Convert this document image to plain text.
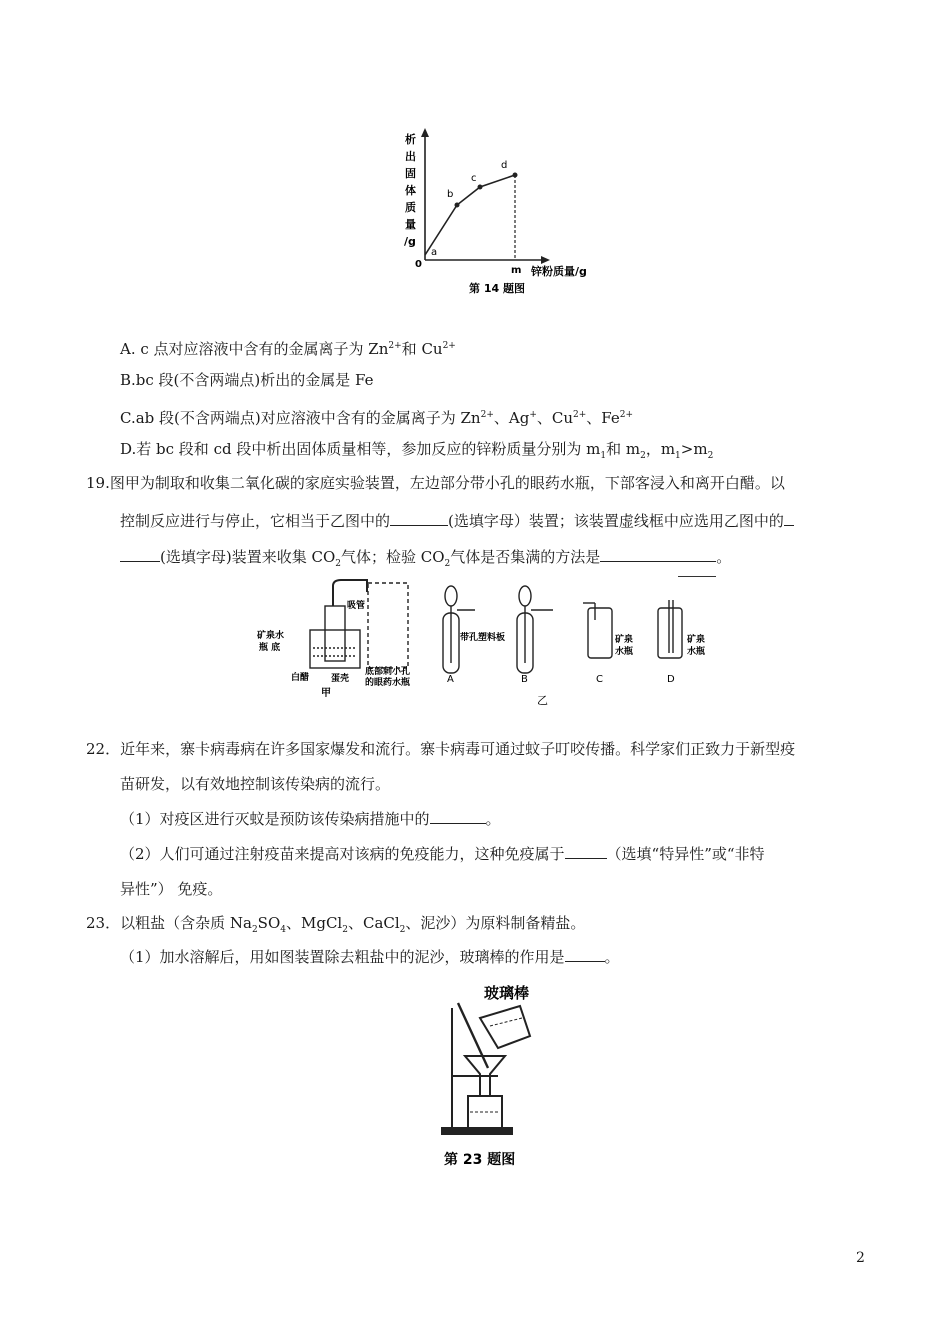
析
出
固
体
质
量
/g
a
b
c
d
0
m 锌粉质量/g
第 14 题图
A. c 点对应溶液中含有的金属离子为 $Zn^{2+}$和 $Cu^{2+}$
B.bc 段(不含两端点)析出的金属是 Fe
C.ab 段(不含两端点)对应溶液中含有的金属离子为 $Zn^{2+}$、Ag+、$Cu^{2+}$、$Fe^{2+}$
D.若 bc 段和 cd 段中析出固体质量相等，参加反应的锌粉质量分别为 $m_1$和 $m_2$，$m_1>m_2$
19.图甲为制取和收集二氧化碳的家庭实验装置，左边部分带小孔的眼药水瓶，下部客浸入和离开白醋。以
控制反应进行与停止，它相当于乙图中的	(选填字母）装置；该装置虚线框中应选用乙图中的
(选填字母)装置来收集 $CO_2$气体；检验 $CO_2$气体是否集满的方法是	。
吸管
矿泉水
瓶 底
白醋 蛋壳
底部刺小孔
的眼药水瓶
甲
带孔塑料板	矿泉
水瓶
矿泉
水瓶
A	B	C	D
乙
22．近年来，寨卡病毒病在许多国家爆发和流行。寨卡病毒可通过蚊子叮咬传播。科学家们正致力于新型疫
苗研发，以有效地控制该传染病的流行。
（1）对疫区进行灭蚊是预防该传染病措施中的	。
（2）人们可通过注射疫苗来提高对该病的免疫能力，这种免疫属于	（选填“特异性”或“非特
异性”） 免疫。
23．以粗盐（含杂质 $Na_2SO_4$、MgCl$_2$、CaCl$_2$、泥沙）为原料制备精盐。
（1）加水溶解后，用如图装置除去粗盐中的泥沙，玻璃棒的作用是	。
玻璃棒
第 23 题图
2
